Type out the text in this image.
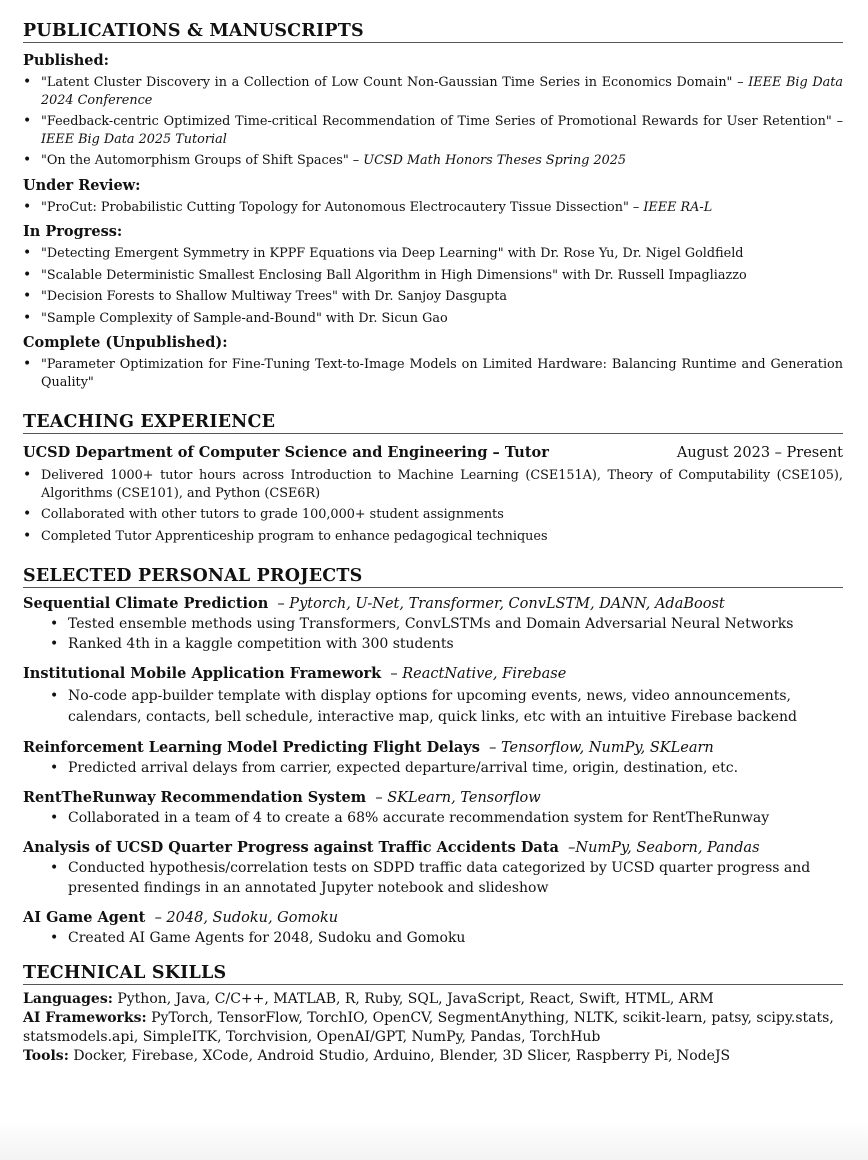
PUBLICATIONS & MANUSCRIPTS
Published:
• "Latent Cluster Discovery in a Collection of Low Count Non-Gaussian Time Series in Economics Domain" – IEEE Big Data 2024 Conference
• "Feedback-centric Optimized Time-critical Recommendation of Time Series of Promotional Rewards for User Retention" – IEEE Big Data 2025 Tutorial
• "On the Automorphism Groups of Shift Spaces" – UCSD Math Honors Theses Spring 2025
Under Review:
• "ProCut: Probabilistic Cutting Topology for Autonomous Electrocautery Tissue Dissection" – IEEE RA-L
In Progress:
• "Detecting Emergent Symmetry in KPPF Equations via Deep Learning" with Dr. Rose Yu, Dr. Nigel Goldfield
• "Scalable Deterministic Smallest Enclosing Ball Algorithm in High Dimensions" with Dr. Russell Impagliazzo
• "Decision Forests to Shallow Multiway Trees" with Dr. Sanjoy Dasgupta
• "Sample Complexity of Sample-and-Bound" with Dr. Sicun Gao
Complete (Unpublished):
• "Parameter Optimization for Fine-Tuning Text-to-Image Models on Limited Hardware: Balancing Runtime and Generation Quality"
TEACHING EXPERIENCE
UCSD Department of Computer Science and Engineering – Tutor	August 2023 – Present
• Delivered 1000+ tutor hours across Introduction to Machine Learning (CSE151A), Theory of Computability (CSE105), Algorithms (CSE101), and Python (CSE6R)
• Collaborated with other tutors to grade 100,000+ student assignments
• Completed Tutor Apprenticeship program to enhance pedagogical techniques
SELECTED PERSONAL PROJECTS

Sequential Climate Prediction – Pytorch, U-Net, Transformer, ConvLSTM, DANN, AdaBoost

• Tested ensemble methods using Transformers, ConvLSTMs and Domain Adversarial Neural Networks
• Ranked 4th in a kaggle competition with 300 students

Institutional Mobile Application Framework – ReactNative, Firebase

• No-code app-builder template with display options for upcoming events, news, video announcements, calendars, contacts, bell schedule, interactive map, quick links, etc with an intuitive Firebase backend

Reinforcement Learning Model Predicting Flight Delays – Tensorflow, NumPy, SKLearn

• Predicted arrival delays from carrier, expected departure/arrival time, origin, destination, etc.

RentTheRunway Recommendation System – SKLearn, Tensorflow

• Collaborated in a team of 4 to create a 68% accurate recommendation system for RentTheRunway

Analysis of UCSD Quarter Progress against Traffic Accidents Data –NumPy, Seaborn, Pandas

• Conducted hypothesis/correlation tests on SDPD traffic data categorized by UCSD quarter progress and presented findings in an annotated Jupyter notebook and slideshow

AI Game Agent – 2048, Sudoku, Gomoku

• Created AI Game Agents for 2048, Sudoku and Gomoku
TECHNICAL SKILLS

Languages: Python, Java, C/C++, MATLAB, R, Ruby, SQL, JavaScript, React, Swift, HTML, ARM

AI Frameworks: PyTorch, TensorFlow, TorchIO, OpenCV, SegmentAnything, NLTK, scikit-learn, patsy, scipy.stats, statsmodels.api, SimpleITK, Torchvision, OpenAI/GPT, NumPy, Pandas, TorchHub

Tools: Docker, Firebase, XCode, Android Studio, Arduino, Blender, 3D Slicer, Raspberry Pi, NodeJS
